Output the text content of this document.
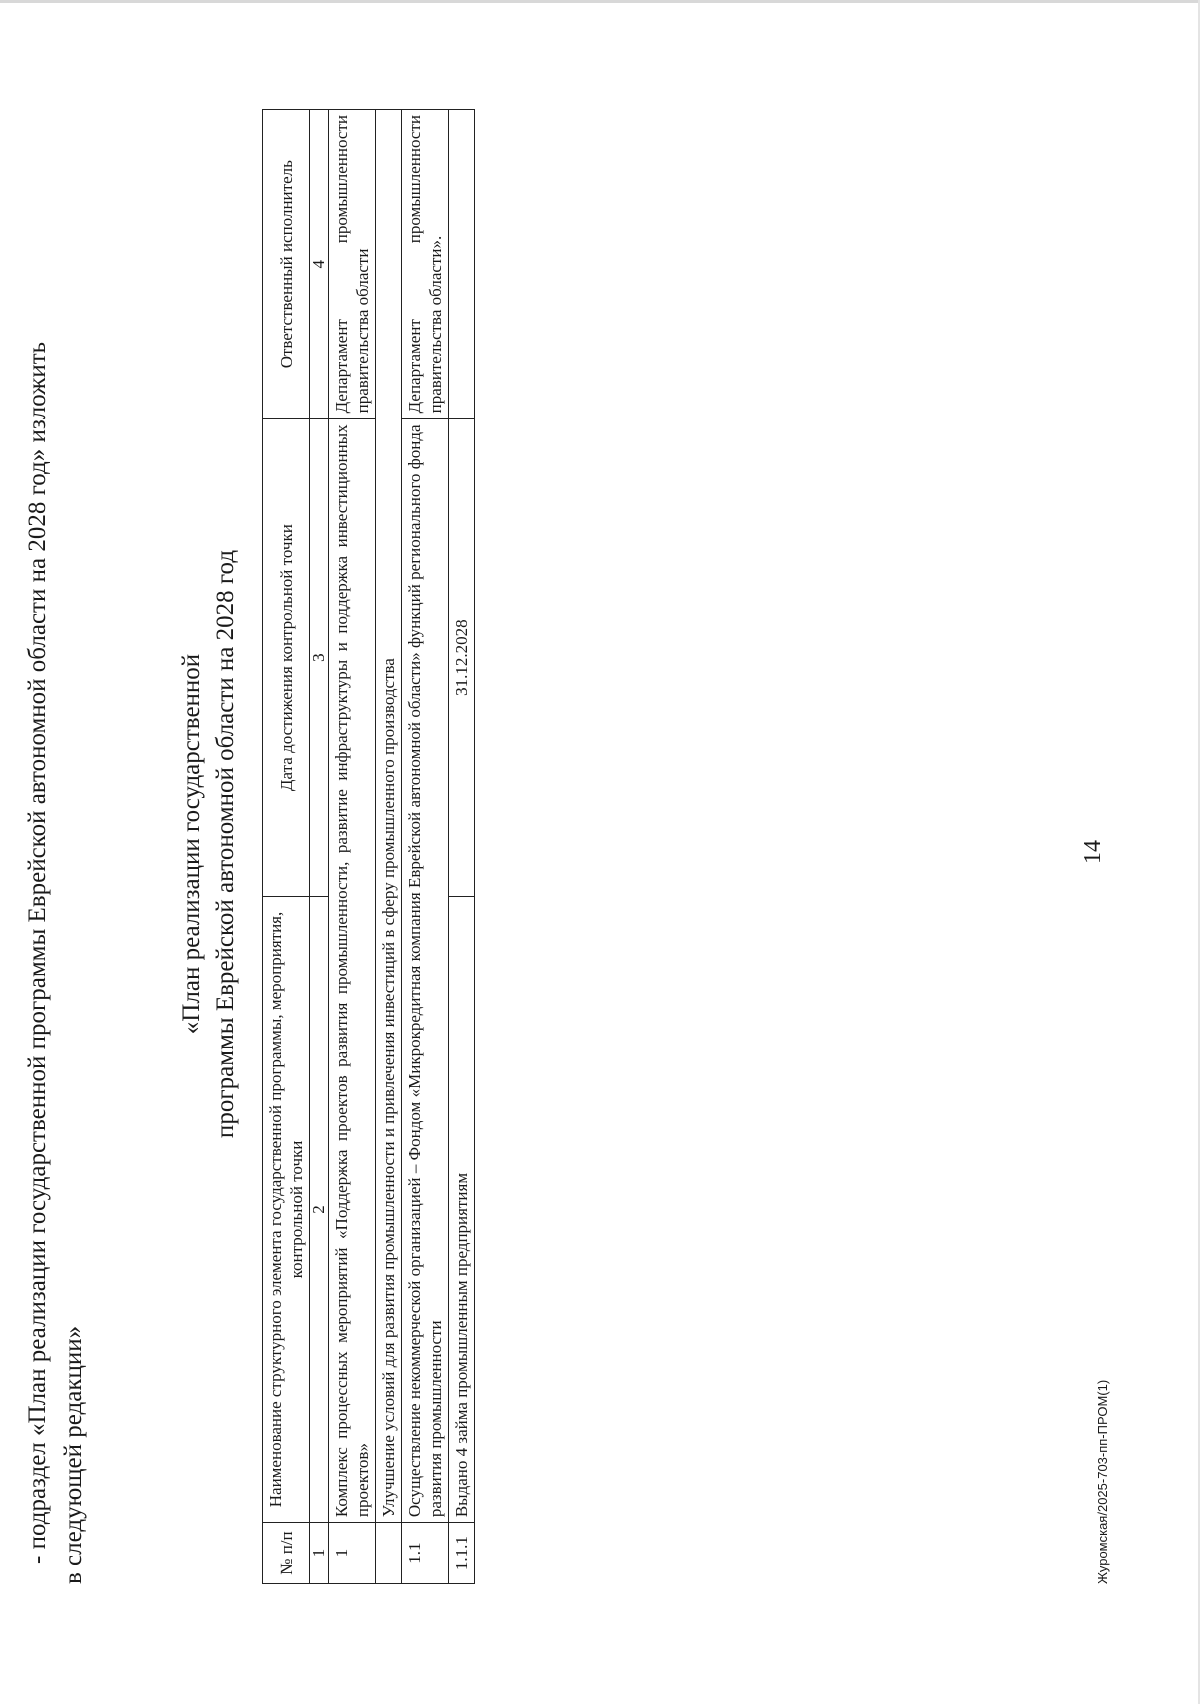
14
- подраздел «План реализации государственной программы Еврейской автономной области на 2028 год» изложить в следующей редакции»
«План реализации государственной программы Еврейской автономной области на 2028 год
№ п/п	Наименование структурного элемента государственной программы, мероприятия, контрольной точки	Дата достижения контрольной точки	Ответственный исполнитель
1	2	3	4
1	Комплекс процессных мероприятий «Поддержка проектов развития промышленности, развитие инфраструктуры и поддержка инвестиционных проектов»		Департамент промышленности правительства области
	Улучшение условий для развития промышленности и привлечения инвестиций в сферу промышленного производства		
1.1	Осуществление некоммерческой организацией – Фондом «Микрокредитная компания Еврейской автономной области» функций регионального фонда развития промышленности		Департамент промышленности правительства области».
1.1.1	Выдано 4 займа промышленным предприятиям	31.12.2028	
Журомская/2025-703-пп-ПРОМ(1)
